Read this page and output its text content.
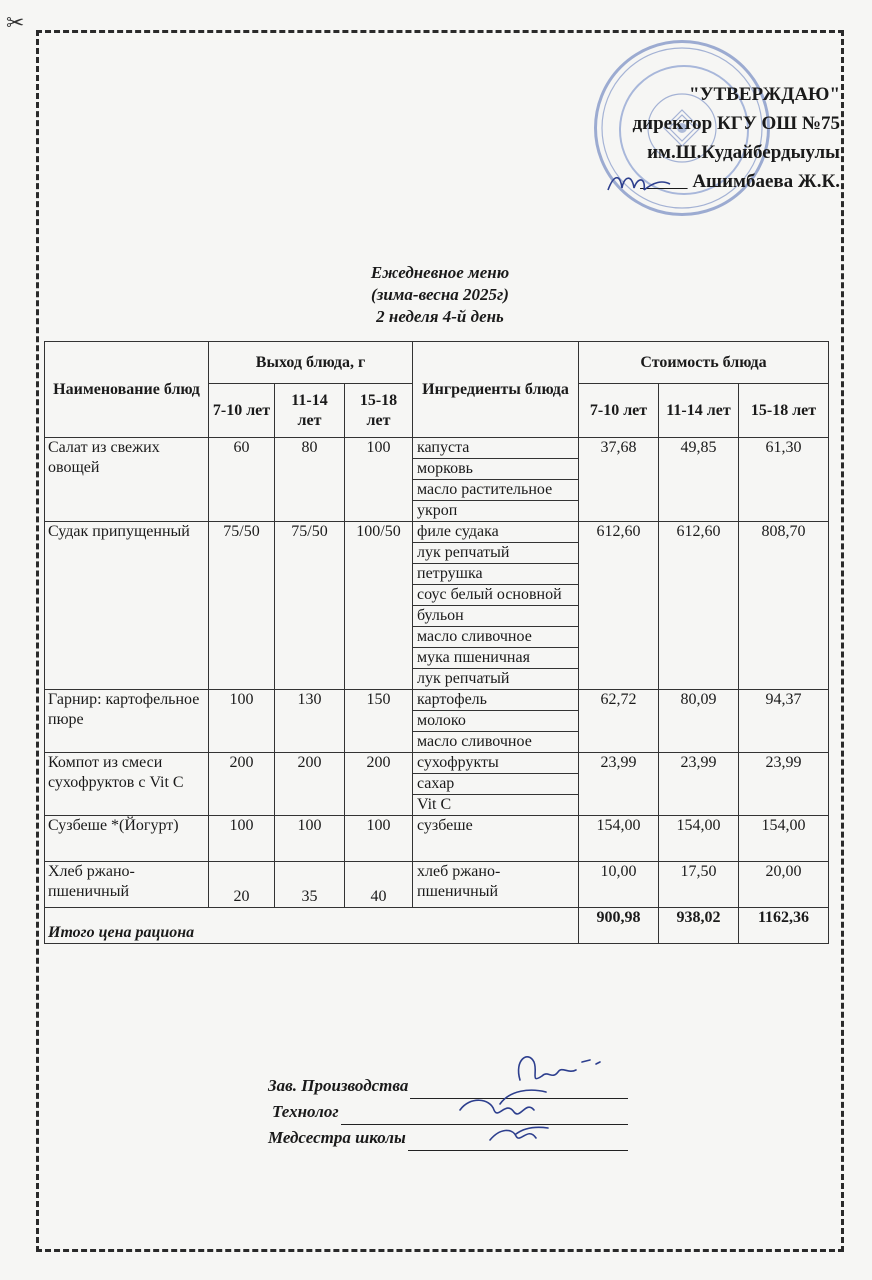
✂
"УТВЕРЖДАЮ"
директор КГУ ОШ №75
им.Ш.Кудайбердыулы
Ашимбаева Ж.К.
Ежедневное меню
(зима-весна 2025г)
2 неделя 4-й день
Наименование блюд	Выход блюда, г			Ингредиенты блюда	Стоимость блюда		
	7-10 лет	11-14 лет	15-18 лет		7-10 лет	11-14 лет	15-18 лет
Салат из свежих овощей	60	80	100	капуста	37,68	49,85	61,30
				морковь			
				масло растительное			
				укроп			
Судак припущенный	75/50	75/50	100/50	филе судака	612,60	612,60	808,70
				лук репчатый			
				петрушка			
				соус белый основной			
				бульон			
				масло сливочное			
				мука пшеничная			
				лук репчатый			
Гарнир: картофельное пюре	100	130	150	картофель	62,72	80,09	94,37
				молоко			
				масло сливочное			
Компот из смеси сухофруктов с Vit C	200	200	200	сухофрукты	23,99	23,99	23,99
				сахар			
				Vit C			
Сузбеше *(Йогурт)	100	100	100	сузбеше	154,00	154,00	154,00
Хлеб ржано-пшеничный	20	35	40	хлеб ржано-пшеничный	10,00	17,50	20,00
Итого цена рациона					900,98	938,02	1162,36
Зав. Производства
Технолог
Медсестра школы
